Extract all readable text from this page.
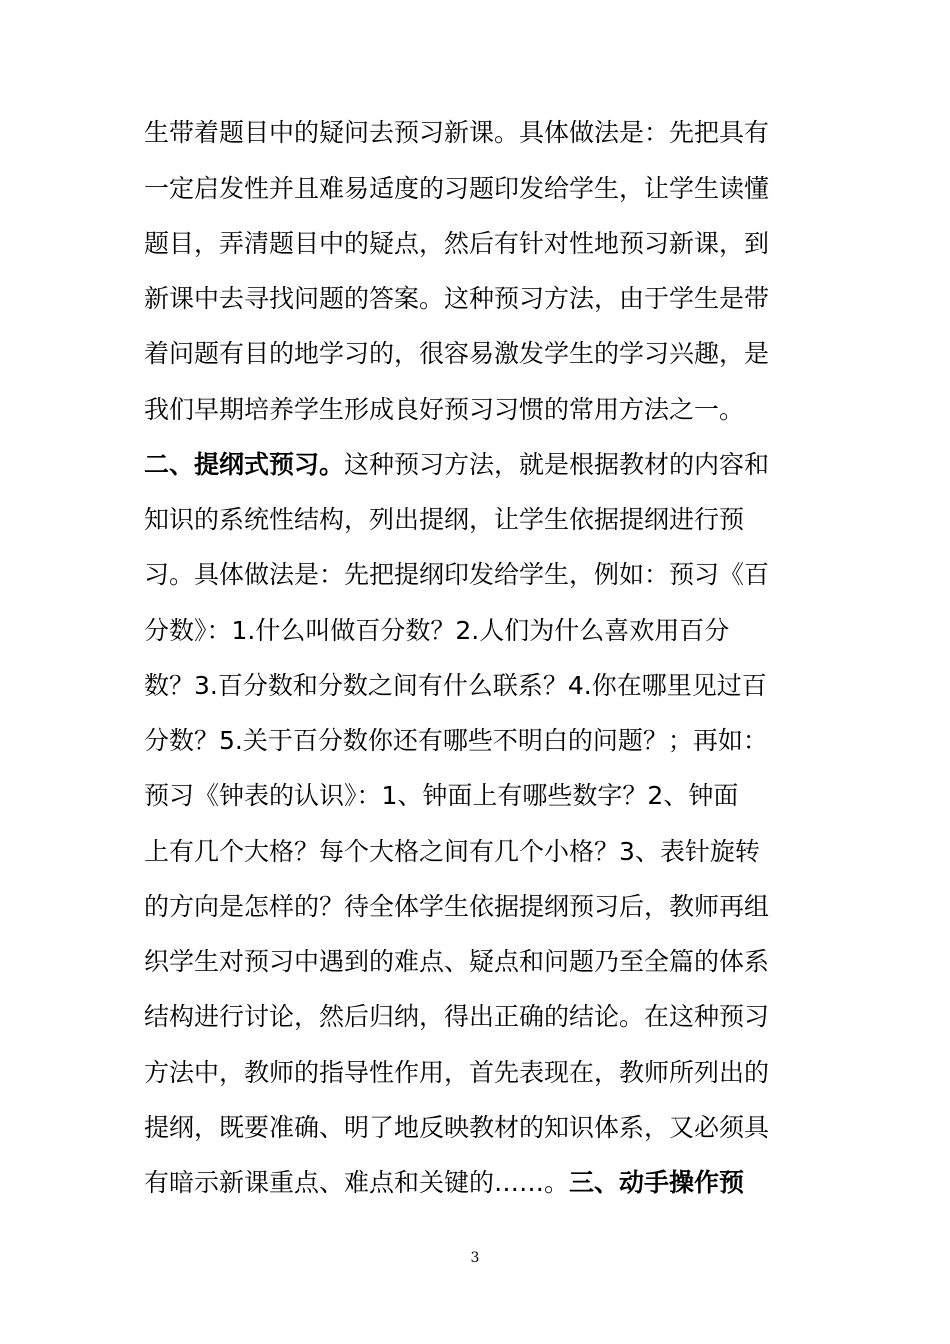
生带着题目中的疑问去预习新课。具体做法是：先把具有
一定启发性并且难易适度的习题印发给学生，让学生读懂
题目，弄清题目中的疑点，然后有针对性地预习新课，到
新课中去寻找问题的答案。这种预习方法，由于学生是带
着问题有目的地学习的，很容易激发学生的学习兴趣，是
我们早期培养学生形成良好预习习惯的常用方法之一。
二、提纲式预习。这种预习方法，就是根据教材的内容和
知识的系统性结构，列出提纲，让学生依据提纲进行预
习。具体做法是：先把提纲印发给学生，例如：预习《百
分数》：1.什么叫做百分数？2.人们为什么喜欢用百分
数？3.百分数和分数之间有什么联系？4.你在哪里见过百
分数？5.关于百分数你还有哪些不明白的问题？；再如：
预习《钟表的认识》：1、钟面上有哪些数字？2、钟面
上有几个大格？每个大格之间有几个小格？3、表针旋转
的方向是怎样的？待全体学生依据提纲预习后，教师再组
织学生对预习中遇到的难点、疑点和问题乃至全篇的体系
结构进行讨论，然后归纳，得出正确的结论。在这种预习
方法中，教师的指导性作用，首先表现在，教师所列出的
提纲，既要准确、明了地反映教材的知识体系，又必须具
有暗示新课重点、难点和关键的……。三、动手操作预
3
